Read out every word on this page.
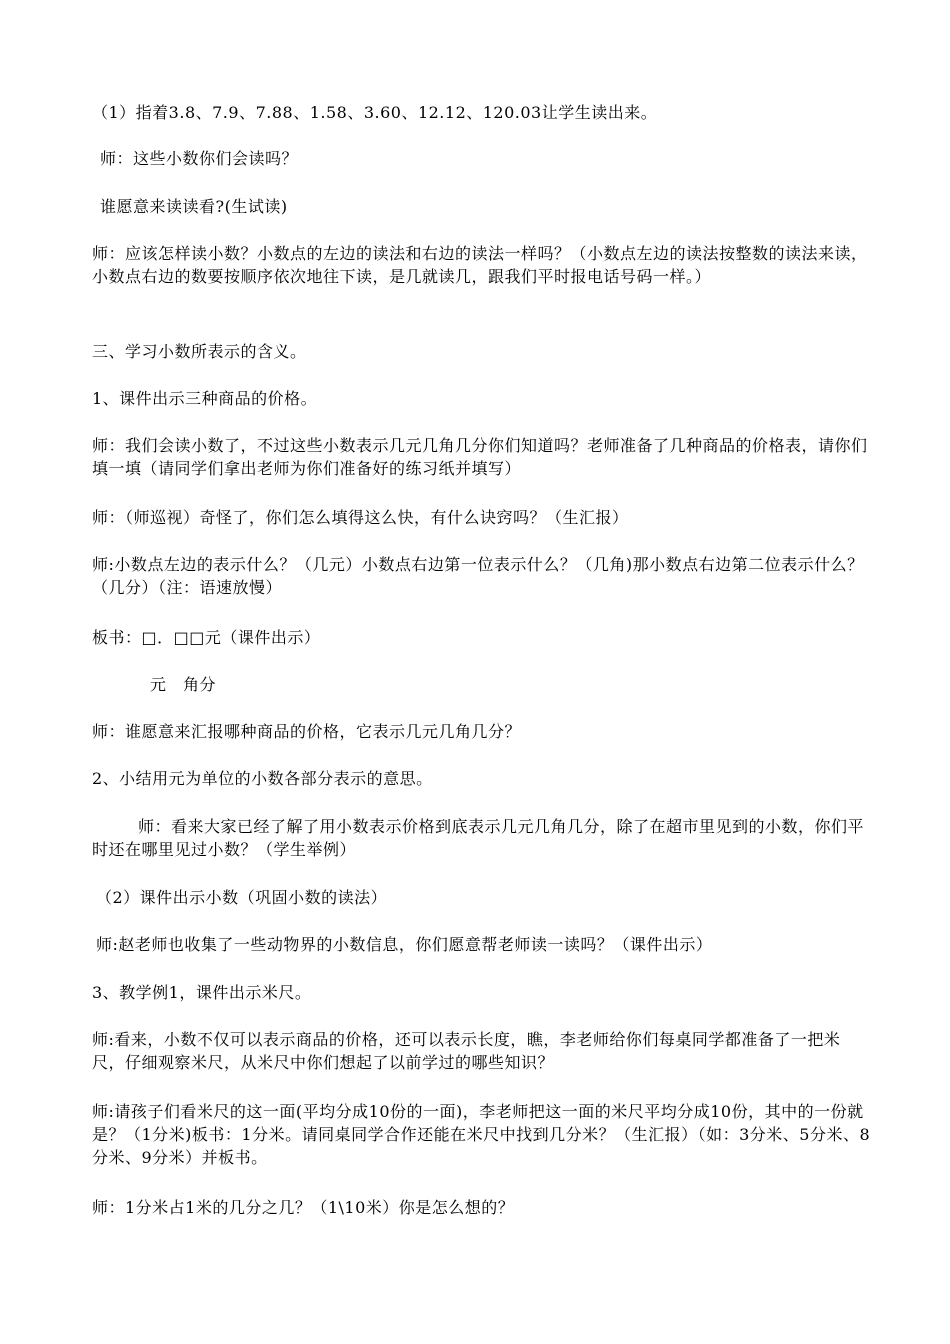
（1）指着3.8、7.9、7.88、1.58、3.60、12.12、120.03让学生读出来。

师：这些小数你们会读吗？

谁愿意来读读看?(生试读)

师：应该怎样读小数？小数点的左边的读法和右边的读法一样吗？（小数点左边的读法按整数的读法来读，小数点右边的数要按顺序依次地往下读，是几就读几，跟我们平时报电话号码一样。）

三、学习小数所表示的含义。

1、课件出示三种商品的价格。

师：我们会读小数了，不过这些小数表示几元几角几分你们知道吗？老师准备了几种商品的价格表，请你们填一填（请同学们拿出老师为你们准备好的练习纸并填写）

师：（师巡视）奇怪了，你们怎么填得这么快，有什么诀窍吗？（生汇报）

师:小数点左边的表示什么？（几元）小数点右边第一位表示什么？（几角)那小数点右边第二位表示什么？（几分）（注：语速放慢）

板书：□．□□元（课件出示）

元　角分

师：谁愿意来汇报哪种商品的价格，它表示几元几角几分？

2、小结用元为单位的小数各部分表示的意思。

师：看来大家已经了解了用小数表示价格到底表示几元几角几分，除了在超市里见到的小数，你们平时还在哪里见过小数？（学生举例）

（2）课件出示小数（巩固小数的读法）

师:赵老师也收集了一些动物界的小数信息，你们愿意帮老师读一读吗？（课件出示）

3、教学例1，课件出示米尺。

师:看来，小数不仅可以表示商品的价格，还可以表示长度，瞧，李老师给你们每桌同学都准备了一把米尺，仔细观察米尺，从米尺中你们想起了以前学过的哪些知识？

师:请孩子们看米尺的这一面(平均分成10份的一面)，李老师把这一面的米尺平均分成10份，其中的一份就是？（1分米)板书：1分米。请同桌同学合作还能在米尺中找到几分米？（生汇报）（如：3分米、5分米、8分米、9分米）并板书。

师：1分米占1米的几分之几？（1\10米）你是怎么想的？
